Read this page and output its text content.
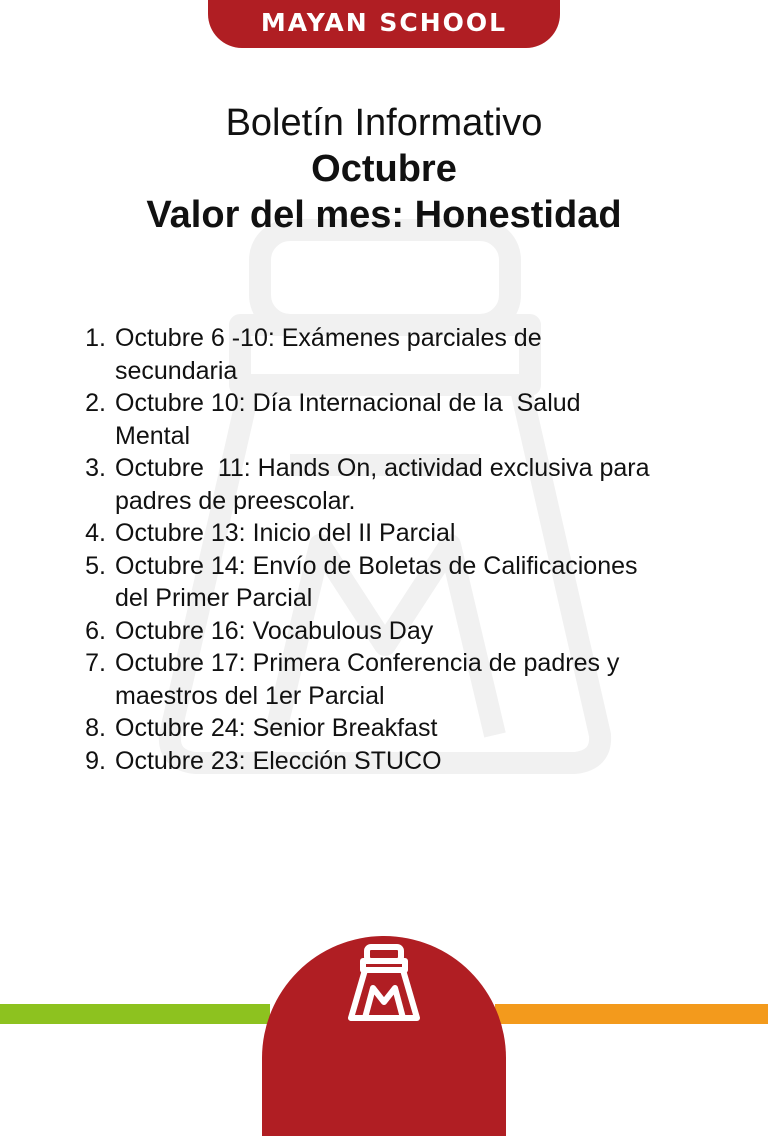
MAYAN SCHOOL
Boletín Informativo
Octubre
Valor del mes: Honestidad
1. Octubre 6 -10: Exámenes parciales de
secundaria
2. Octubre 10: Día Internacional de la  Salud
Mental
3. Octubre  11: Hands On, actividad exclusiva para
padres de preescolar.
4. Octubre 13: Inicio del II Parcial
5. Octubre 14: Envío de Boletas de Calificaciones
del Primer Parcial
6. Octubre 16: Vocabulous Day
7. Octubre 17: Primera Conferencia de padres y
maestros del 1er Parcial
8. Octubre 24: Senior Breakfast
9. Octubre 23: Elección STUCO
